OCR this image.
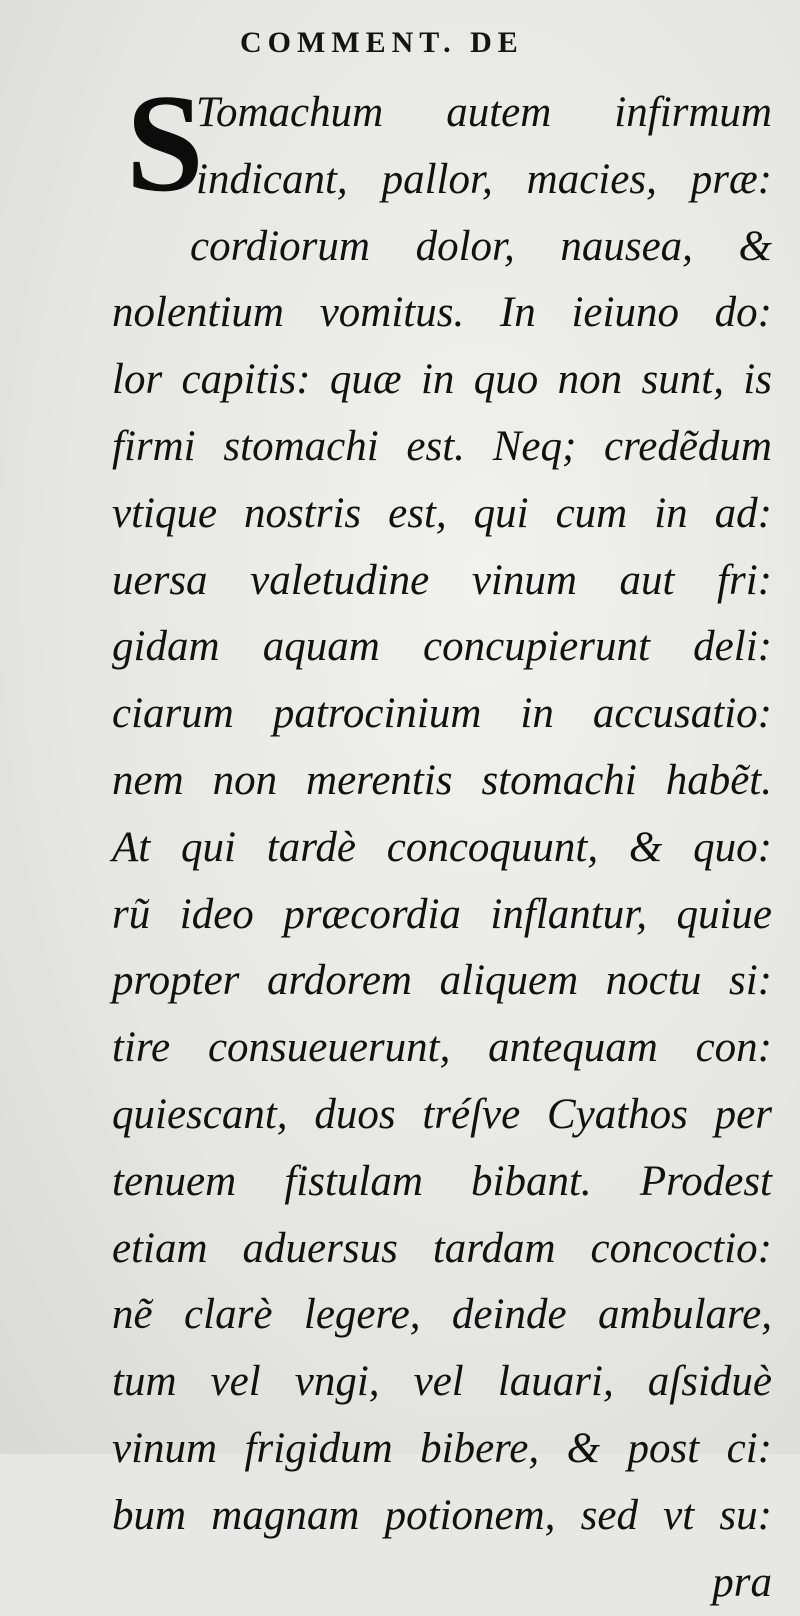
COMMENT. DE
S
Tomachum autem infirmum
indicant, pallor, macies, præ:
cordiorum dolor, nausea, &
nolentium vomitus. In ieiuno do:
lor capitis: quæ in quo non sunt, is
firmi stomachi est. Neq; credẽdum
vtique nostris est, qui cum in ad:
uersa valetudine vinum aut fri:
gidam aquam concupierunt deli:
ciarum patrocinium in accusatio:
nem non merentis stomachi habẽt.
At qui tardè concoquunt, & quo:
rũ ideo præcordia inflantur, quiue
propter ardorem aliquem noctu si:
tire consueuerunt, antequam con:
quiescant, duos tréſve Cyathos per
tenuem fistulam bibant. Prodest
etiam aduersus tardam concoctio:
nẽ clarè legere, deinde ambulare,
tum vel vngi, vel lauari, aſsiduè
vinum frigidum bibere, & post ci:
bum magnam potionem, sed vt su:
pra
